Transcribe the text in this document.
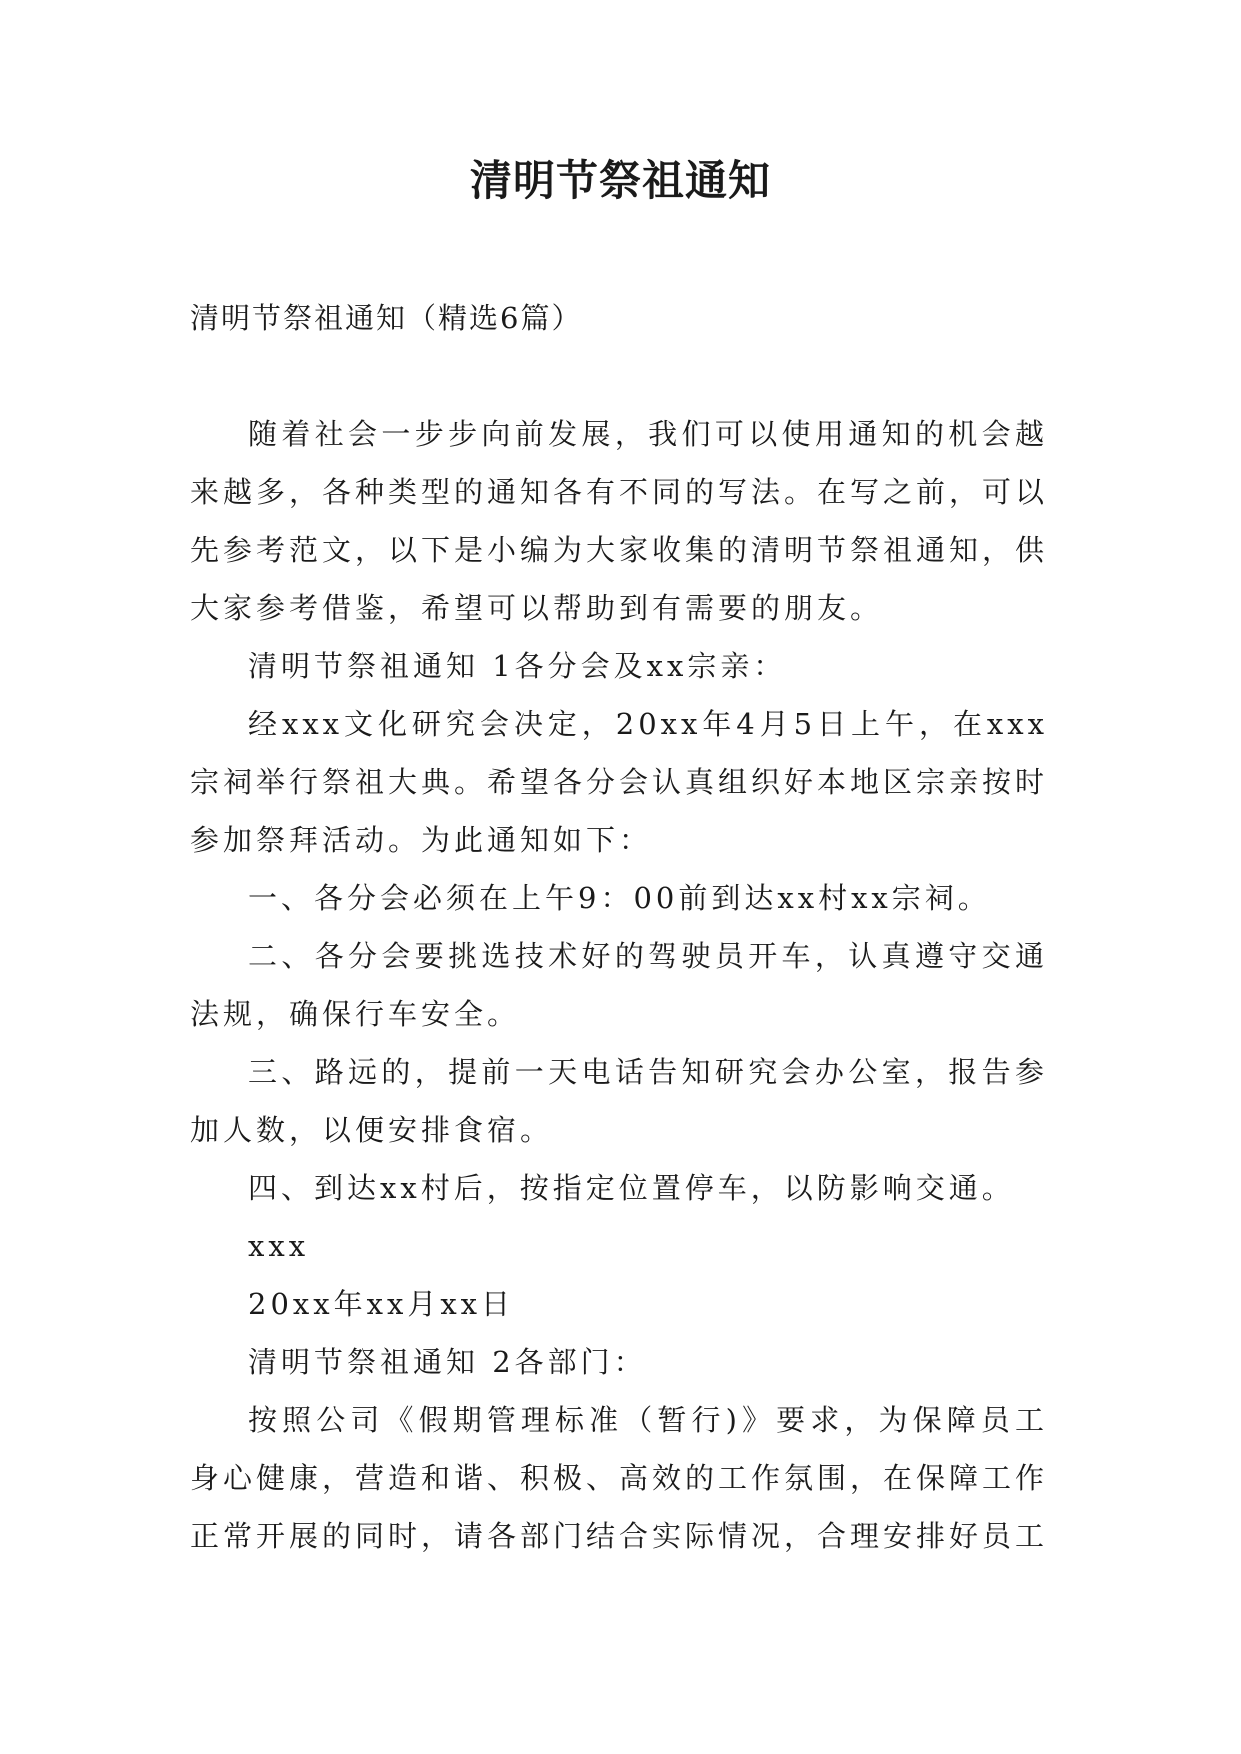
清明节祭祖通知

清明节祭祖通知（精选6篇）

随着社会一步步向前发展，我们可以使用通知的机会越来越多，各种类型的通知各有不同的写法。在写之前，可以先参考范文，以下是小编为大家收集的清明节祭祖通知，供大家参考借鉴，希望可以帮助到有需要的朋友。

清明节祭祖通知 1各分会及xx宗亲：

经xxx文化研究会决定，20xx年4月5日上午，在xxx宗祠举行祭祖大典。希望各分会认真组织好本地区宗亲按时参加祭拜活动。为此通知如下：

一、各分会必须在上午9：00前到达xx村xx宗祠。

二、各分会要挑选技术好的驾驶员开车，认真遵守交通法规，确保行车安全。

三、路远的，提前一天电话告知研究会办公室，报告参加人数，以便安排食宿。

四、到达xx村后，按指定位置停车，以防影响交通。

xxx

20xx年xx月xx日

清明节祭祖通知 2各部门：

按照公司《假期管理标准（暂行)》要求，为保障员工身心健康，营造和谐、积极、高效的工作氛围，在保障工作正常开展的同时，请各部门结合实际情况，合理安排好员工
